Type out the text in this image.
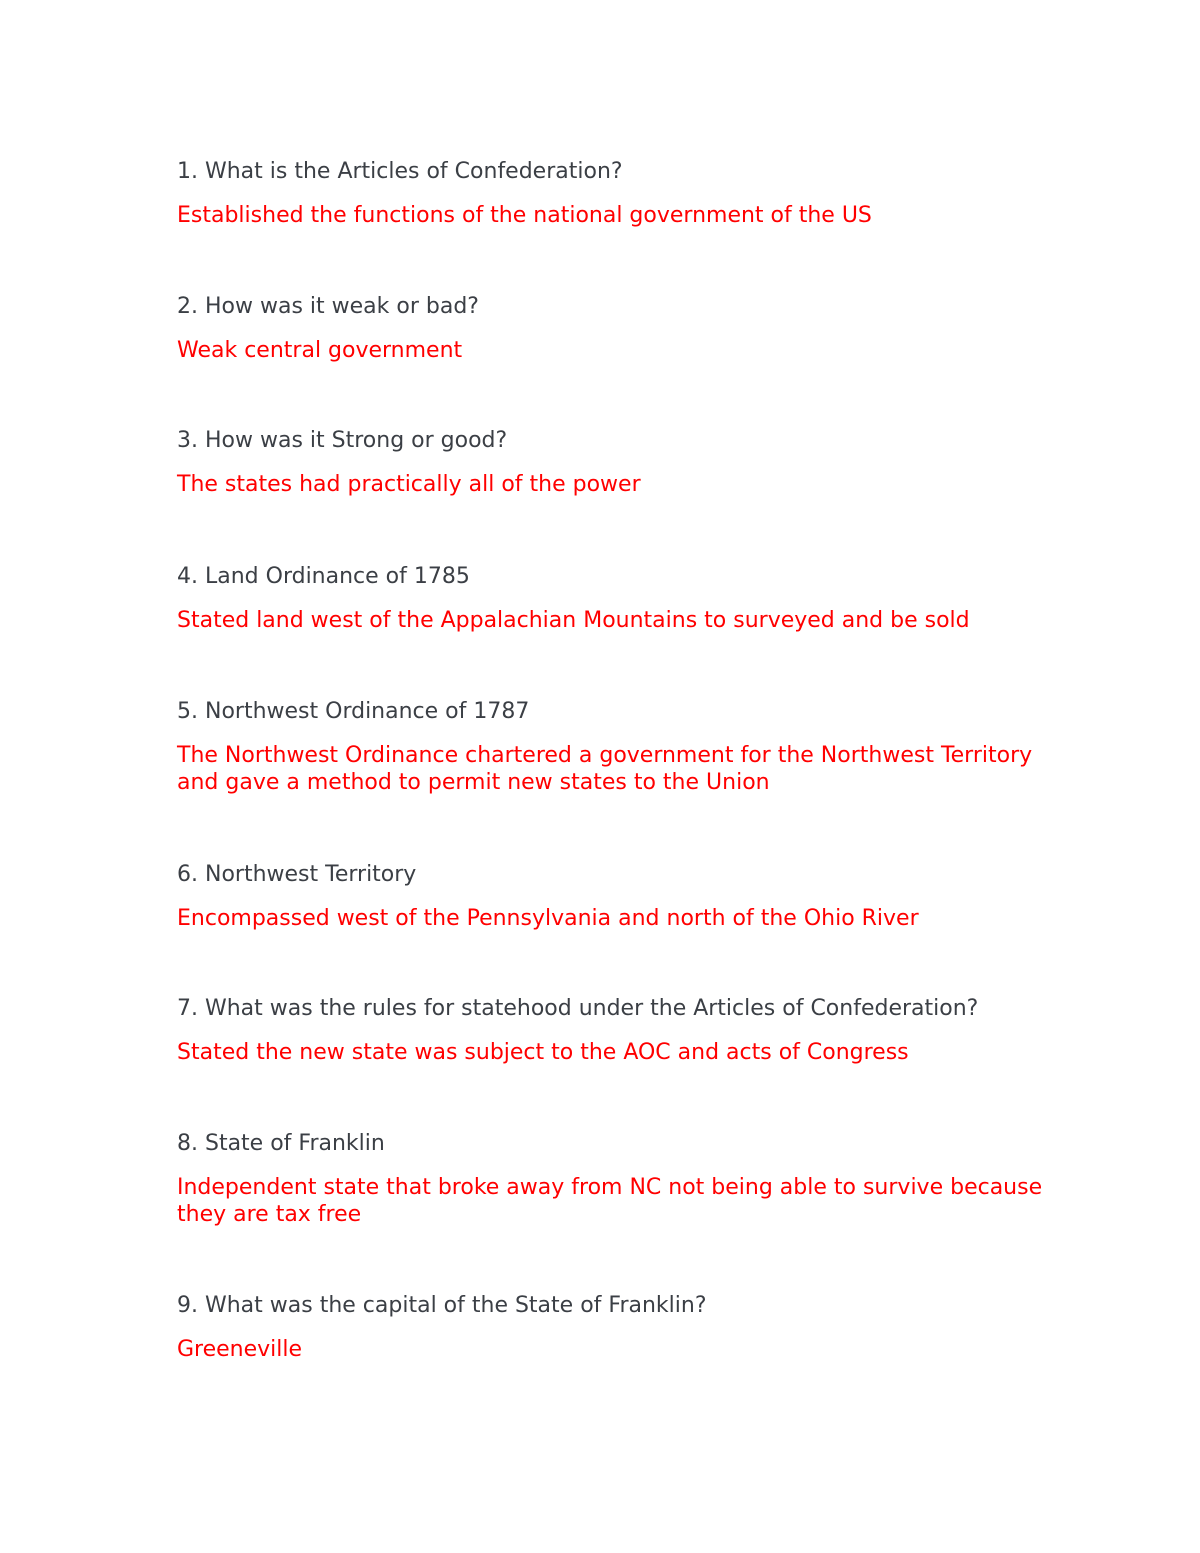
1. What is the Articles of Confederation?

Established the functions of the national government of the US

2. How was it weak or bad?

Weak central government

3. How was it Strong or good?

The states had practically all of the power

4. Land Ordinance of 1785

Stated land west of the Appalachian Mountains to surveyed and be sold

5. Northwest Ordinance of 1787

The Northwest Ordinance chartered a government for the Northwest Territory and gave a method to permit new states to the Union

6. Northwest Territory

Encompassed west of the Pennsylvania and north of the Ohio River

7. What was the rules for statehood under the Articles of Confederation?

Stated the new state was subject to the AOC and acts of Congress

8. State of Franklin

Independent state that broke away from NC not being able to survive because they are tax free

9. What was the capital of the State of Franklin?

Greeneville
